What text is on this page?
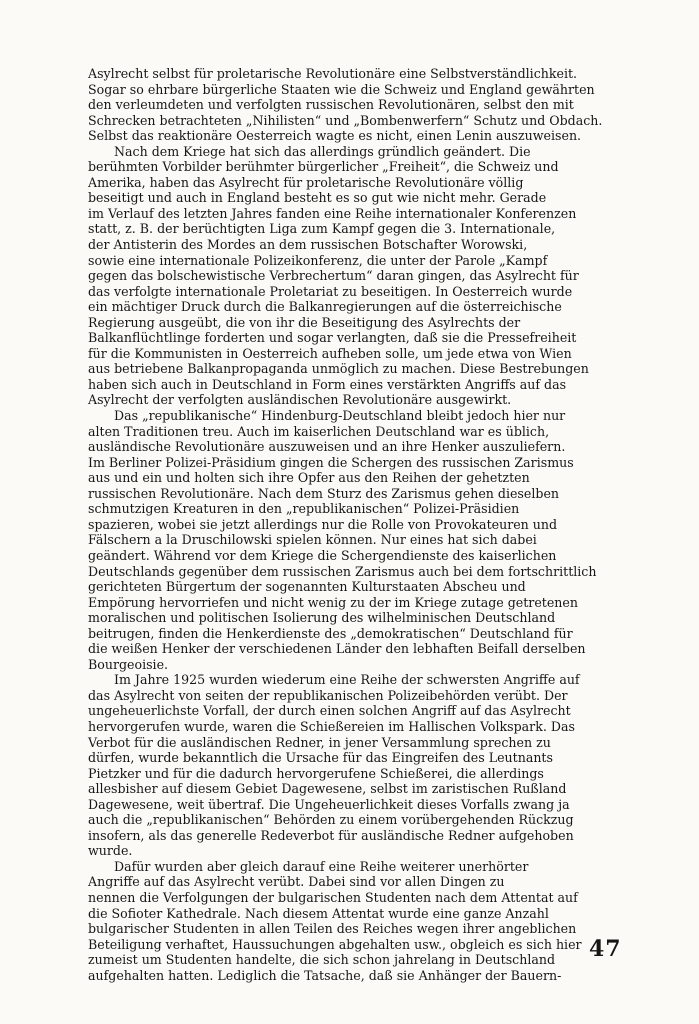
Asylrecht selbst für proletarische Revolutionäre eine Selbstverständlichkeit.
Sogar so ehrbare bürgerliche Staaten wie die Schweiz und England gewährten
den verleumdeten und verfolgten russischen Revolutionären, selbst den mit
Schrecken betrachteten „Nihilisten“ und „Bombenwerfern“ Schutz und Obdach.
Selbst das reaktionäre Oesterreich wagte es nicht, einen Lenin auszuweisen.

Nach dem Kriege hat sich das allerdings gründlich geändert. Die
berühmten Vorbilder berühmter bürgerlicher „Freiheit“, die Schweiz und
Amerika, haben das Asylrecht für proletarische Revolutionäre völlig
beseitigt und auch in England besteht es so gut wie nicht mehr. Gerade
im Verlauf des letzten Jahres fanden eine Reihe internationaler Konferenzen
statt, z. B. der berüchtigten Liga zum Kampf gegen die 3. Internationale,
der Antisterin des Mordes an dem russischen Botschafter Worowski,
sowie eine internationale Polizeikonferenz, die unter der Parole „Kampf
gegen das bolschewistische Verbrechertum“ daran gingen, das Asylrecht für
das verfolgte internationale Proletariat zu beseitigen. In Oesterreich wurde
ein mächtiger Druck durch die Balkanregierungen auf die österreichische
Regierung ausgeübt, die von ihr die Beseitigung des Asylrechts der
Balkanflüchtlinge forderten und sogar verlangten, daß sie die Pressefreiheit
für die Kommunisten in Oesterreich aufheben solle, um jede etwa von Wien
aus betriebene Balkanpropaganda unmöglich zu machen. Diese Bestrebungen
haben sich auch in Deutschland in Form eines verstärkten Angriffs auf das
Asylrecht der verfolgten ausländischen Revolutionäre ausgewirkt.

Das „republikanische“ Hindenburg-Deutschland bleibt jedoch hier nur
alten Traditionen treu. Auch im kaiserlichen Deutschland war es üblich,
ausländische Revolutionäre auszuweisen und an ihre Henker auszuliefern.
Im Berliner Polizei-Präsidium gingen die Schergen des russischen Zarismus
aus und ein und holten sich ihre Opfer aus den Reihen der gehetzten
russischen Revolutionäre. Nach dem Sturz des Zarismus gehen dieselben
schmutzigen Kreaturen in den „republikanischen“ Polizei-Präsidien
spazieren, wobei sie jetzt allerdings nur die Rolle von Provokateuren und
Fälschern a la Druschilowski spielen können. Nur eines hat sich dabei
geändert. Während vor dem Kriege die Schergendienste des kaiserlichen
Deutschlands gegenüber dem russischen Zarismus auch bei dem fortschrittlich
gerichteten Bürgertum der sogenannten Kulturstaaten Abscheu und
Empörung hervorriefen und nicht wenig zu der im Kriege zutage getretenen
moralischen und politischen Isolierung des wilhelminischen Deutschland
beitrugen, finden die Henkerdienste des „demokratischen“ Deutschland für
die weißen Henker der verschiedenen Länder den lebhaften Beifall derselben
Bourgeoisie.

Im Jahre 1925 wurden wiederum eine Reihe der schwersten Angriffe auf
das Asylrecht von seiten der republikanischen Polizeibehörden verübt. Der
ungeheuerlichste Vorfall, der durch einen solchen Angriff auf das Asylrecht
hervorgerufen wurde, waren die Schießereien im Hallischen Volkspark. Das
Verbot für die ausländischen Redner, in jener Versammlung sprechen zu
dürfen, wurde bekanntlich die Ursache für das Eingreifen des Leutnants
Pietzker und für die dadurch hervorgerufene Schießerei, die allerdings
allesbisher auf diesem Gebiet Dagewesene, selbst im zaristischen Rußland
Dagewesene, weit übertraf. Die Ungeheuerlichkeit dieses Vorfalls zwang ja
auch die „republikanischen“ Behörden zu einem vorübergehenden Rückzug
insofern, als das generelle Redeverbot für ausländische Redner aufgehoben
wurde.

Dafür wurden aber gleich darauf eine Reihe weiterer unerhörter
Angriffe auf das Asylrecht verübt. Dabei sind vor allen Dingen zu
nennen die Verfolgungen der bulgarischen Studenten nach dem Attentat auf
die Sofioter Kathedrale. Nach diesem Attentat wurde eine ganze Anzahl
bulgarischer Studenten in allen Teilen des Reiches wegen ihrer angeblichen
Beteiligung verhaftet, Haussuchungen abgehalten usw., obgleich es sich hier
zumeist um Studenten handelte, die sich schon jahrelang in Deutschland
aufgehalten hatten. Lediglich die Tatsache, daß sie Anhänger der Bauern-

47
